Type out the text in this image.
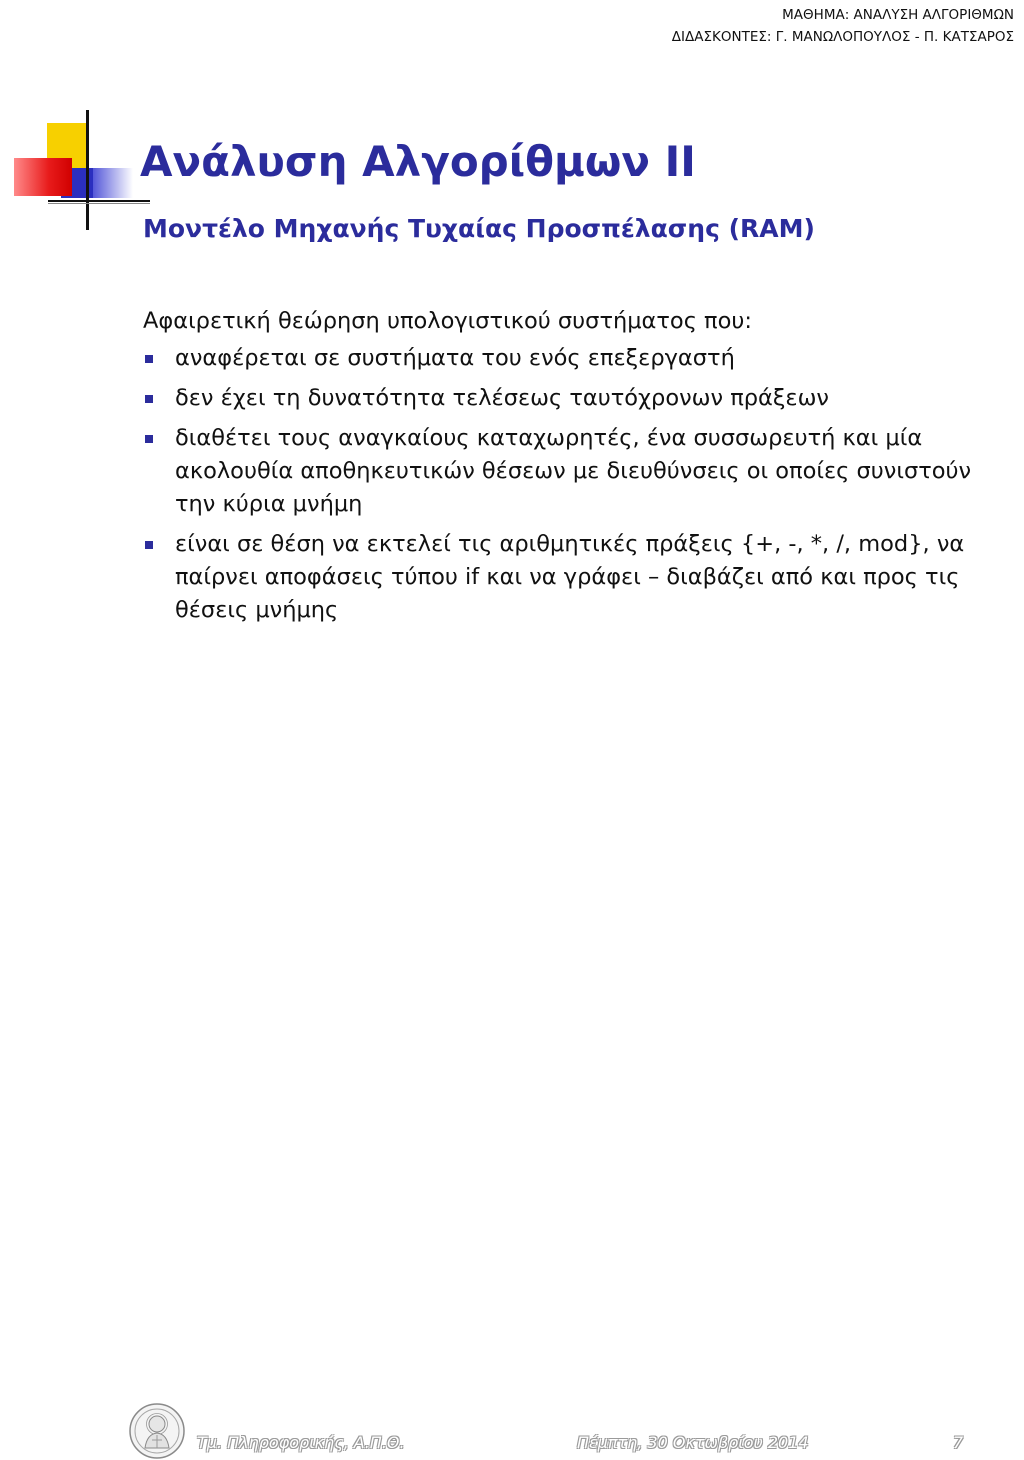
ΜΑΘΗΜΑ: ΑΝΑΛΥΣΗ ΑΛΓΟΡΙΘΜΩΝ
ΔΙΔΑΣΚΟΝΤΕΣ: Γ. ΜΑΝΩΛΟΠΟΥΛΟΣ - Π. ΚΑΤΣΑΡΟΣ
Ανάλυση Αλγορίθμων ΙΙ
Μοντέλο Μηχανής Τυχαίας Προσπέλασης (RAM)

Αφαιρετική θεώρηση υπολογιστικού συστήματος που:

αναφέρεται σε συστήματα του ενός επεξεργαστή
δεν έχει τη δυνατότητα τελέσεως ταυτόχρονων πράξεων
διαθέτει τους αναγκαίους καταχωρητές, ένα συσσωρευτή και μία ακολουθία αποθηκευτικών θέσεων με διευθύνσεις οι οποίες συνιστούν την κύρια μνήμη
είναι σε θέση να εκτελεί τις αριθμητικές πράξεις {+, -, *, /, mod}, να παίρνει αποφάσεις τύπου if και να γράφει – διαβάζει από και προς τις θέσεις μνήμης
Τμ. Πληροφορικής, Α.Π.Θ.	Πέμπτη, 30 Οκτωβρίου 2014	7
